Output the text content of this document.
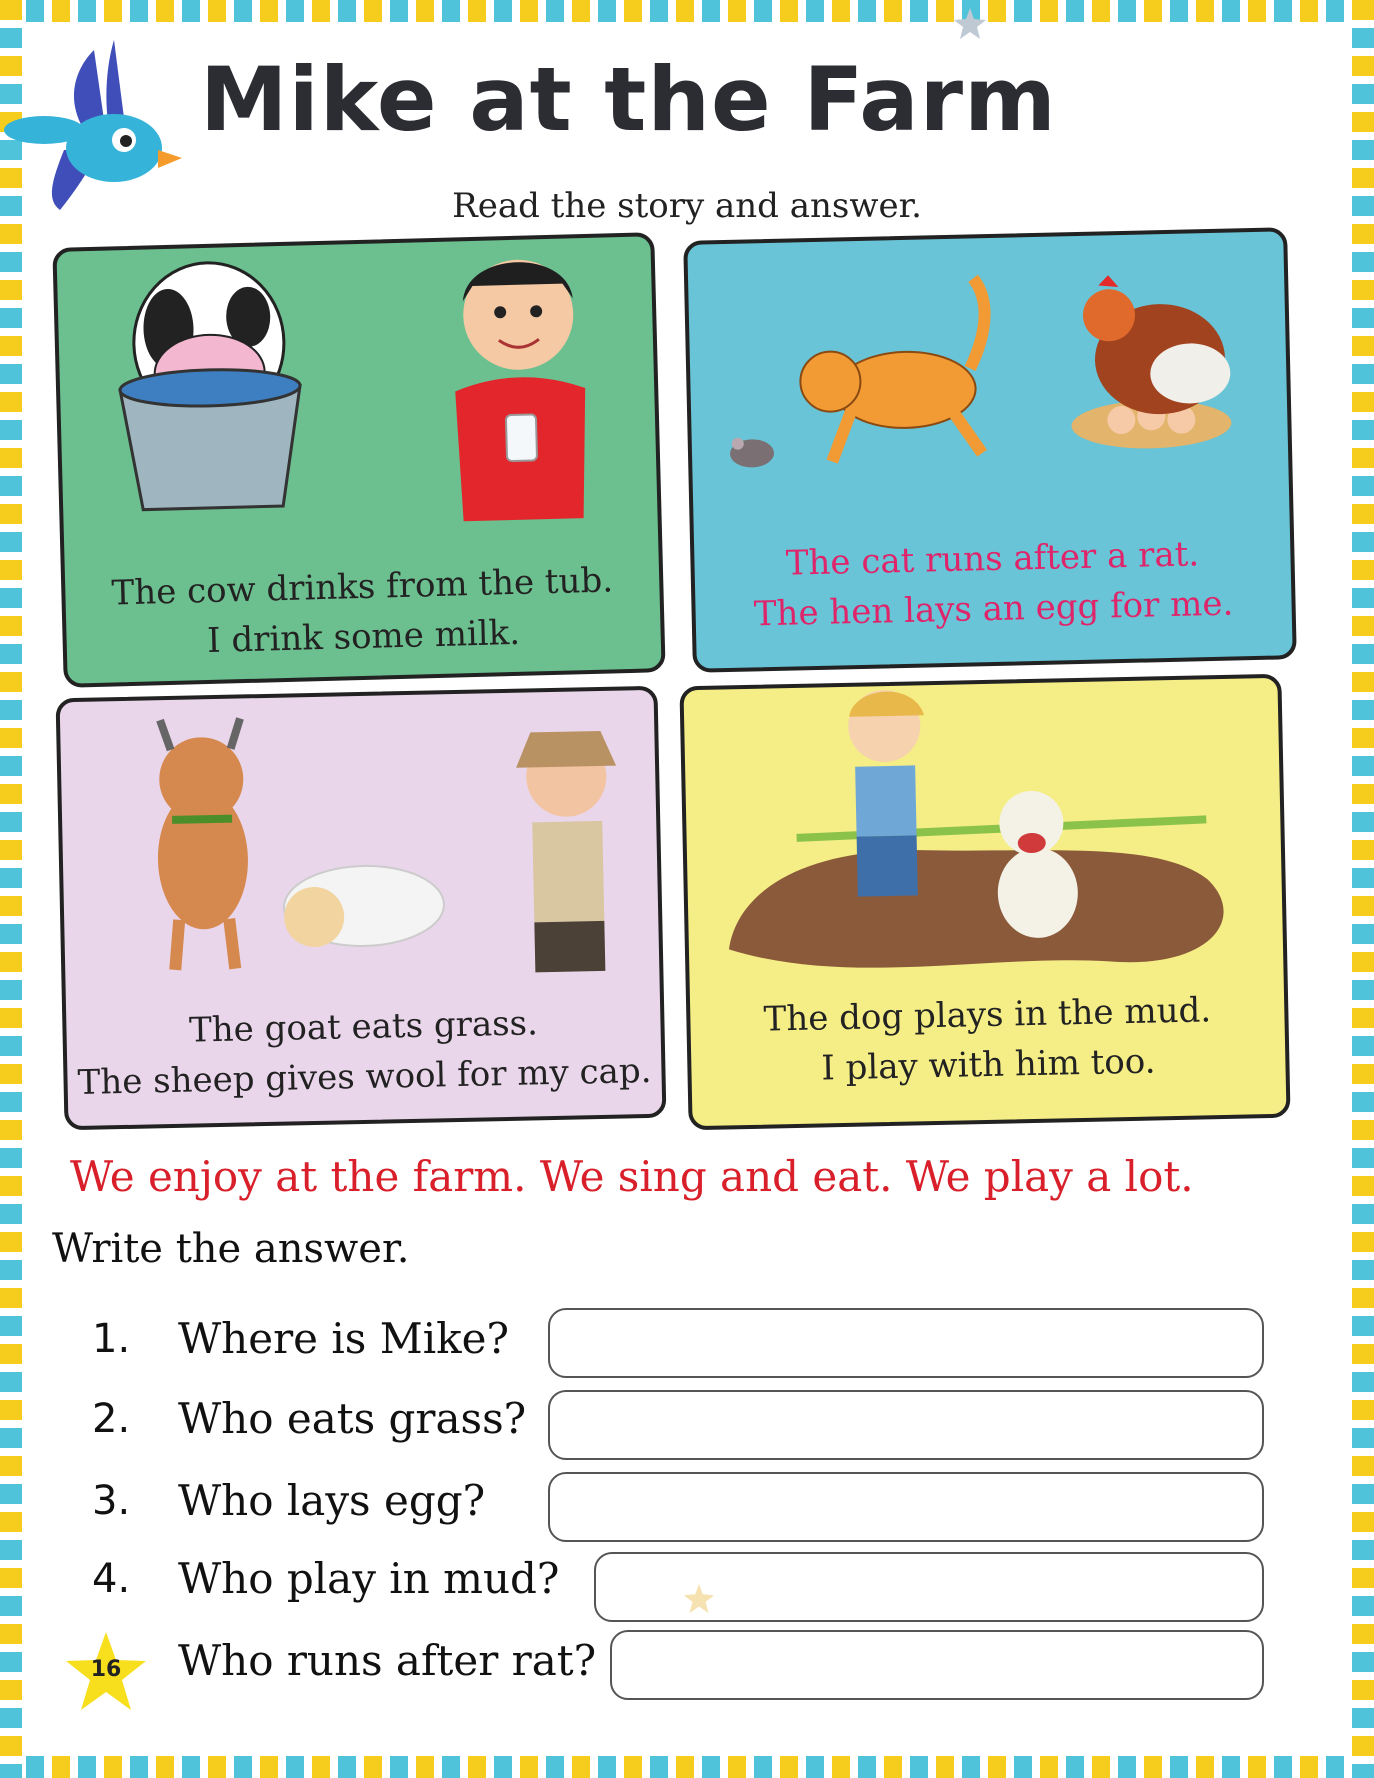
Mike at the Farm
Read the story and answer.
The cow drinks from the tub.
I drink some milk.
The cat runs after a rat.
The hen lays an egg for me.
The goat eats grass.
The sheep gives wool for my cap.
The dog plays in the mud.
I play with him too.
We enjoy at the farm. We sing and eat. We play a lot.
Write the answer.
1. Where is Mike?
2. Who eats grass?
3. Who lays egg?
4. Who play in mud?
Who runs after rat?
16
